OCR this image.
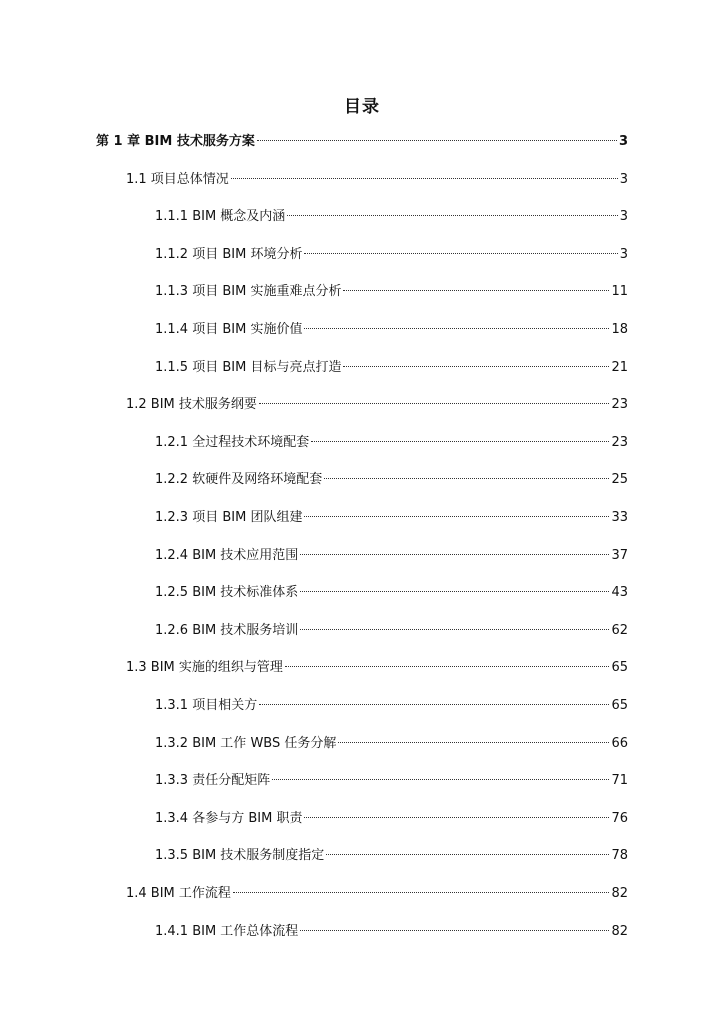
目录
第 1 章 BIM 技术服务方案	3
1.1 项目总体情况	3
1.1.1 BIM 概念及内涵	3
1.1.2 项目 BIM 环境分析	3
1.1.3 项目 BIM 实施重难点分析	11
1.1.4 项目 BIM 实施价值	18
1.1.5 项目 BIM 目标与亮点打造	21
1.2 BIM 技术服务纲要	23
1.2.1 全过程技术环境配套	23
1.2.2 软硬件及网络环境配套	25
1.2.3 项目 BIM 团队组建	33
1.2.4 BIM 技术应用范围	37
1.2.5 BIM 技术标准体系	43
1.2.6 BIM 技术服务培训	62
1.3 BIM 实施的组织与管理	65
1.3.1 项目相关方	65
1.3.2 BIM 工作 WBS 任务分解	66
1.3.3 责任分配矩阵	71
1.3.4 各参与方 BIM 职责	76
1.3.5 BIM 技术服务制度指定	78
1.4 BIM 工作流程	82
1.4.1 BIM 工作总体流程	82
